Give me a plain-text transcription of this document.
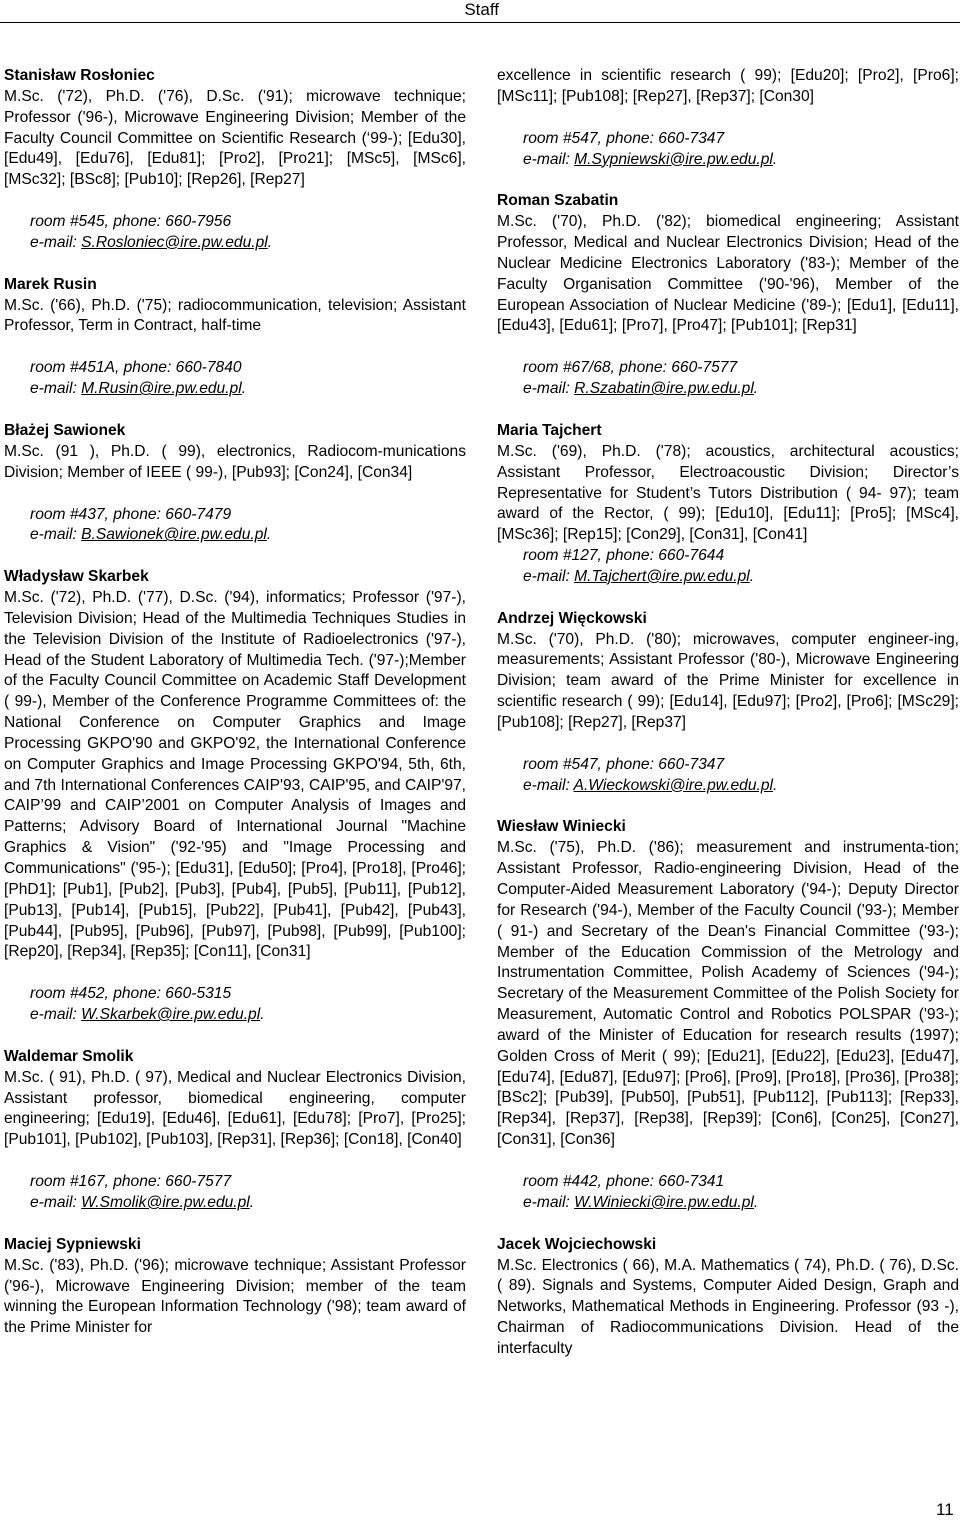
Staff
Stanisław Rosłoniec
M.Sc. ('72), Ph.D. ('76), D.Sc. ('91); microwave technique; Professor ('96-), Microwave Engineering Division; Member of the Faculty Council Committee on Scientific Research (‘99-); [Edu30], [Edu49], [Edu76], [Edu81]; [Pro2], [Pro21]; [MSc5], [MSc6], [MSc32]; [BSc8]; [Pub10]; [Rep26], [Rep27]
room #545, phone: 660-7956
e-mail: S.Rosloniec@ire.pw.edu.pl.
Marek Rusin
M.Sc. ('66), Ph.D. ('75); radiocommunication, television; Assistant Professor, Term in Contract, half-time
room #451A, phone: 660-7840
e-mail: M.Rusin@ire.pw.edu.pl.
Błażej Sawionek
M.Sc. (91 ), Ph.D. ( 99), electronics, Radiocom-munications Division; Member of IEEE ( 99-), [Pub93]; [Con24], [Con34]
room #437, phone: 660-7479
e-mail: B.Sawionek@ire.pw.edu.pl.
Władysław Skarbek
M.Sc. ('72), Ph.D. ('77), D.Sc. ('94), informatics; Professor ('97-), Television Division; Head of the Multimedia Techniques Studies in the Television Division of the Institute of Radioelectronics ('97-), Head of the Student Laboratory of Multimedia Tech. ('97-);Member of the Faculty Council Committee on Academic Staff Development ( 99-), Member of the Conference Programme Committees of: the National Conference on Computer Graphics and Image Processing GKPO'90 and GKPO'92, the International Conference on Computer Graphics and Image Processing GKPO'94, 5th, 6th, and 7th International Conferences CAIP'93, CAIP'95, and CAIP'97, CAIP’99 and CAIP’2001 on Computer Analysis of Images and Patterns; Advisory Board of International Journal "Machine Graphics & Vision" ('92-'95) and "Image Processing and Communications" ('95-); [Edu31], [Edu50]; [Pro4], [Pro18], [Pro46]; [PhD1]; [Pub1], [Pub2], [Pub3], [Pub4], [Pub5], [Pub11], [Pub12], [Pub13], [Pub14], [Pub15], [Pub22], [Pub41], [Pub42], [Pub43], [Pub44], [Pub95], [Pub96], [Pub97], [Pub98], [Pub99], [Pub100]; [Rep20], [Rep34], [Rep35]; [Con11], [Con31]
room #452, phone: 660-5315
e-mail: W.Skarbek@ire.pw.edu.pl.
Waldemar Smolik
M.Sc. ( 91), Ph.D. ( 97), Medical and Nuclear Electronics Division, Assistant professor, biomedical engineering, computer engineering; [Edu19], [Edu46], [Edu61], [Edu78]; [Pro7], [Pro25]; [Pub101], [Pub102], [Pub103], [Rep31], [Rep36]; [Con18], [Con40]
room #167, phone: 660-7577
e-mail: W.Smolik@ire.pw.edu.pl.
Maciej Sypniewski
M.Sc. ('83), Ph.D. ('96); microwave technique; Assistant Professor ('96-), Microwave Engineering Division; member of the team winning the European Information Technology ('98); team award of the Prime Minister for
excellence in scientific research ( 99); [Edu20]; [Pro2], [Pro6]; [MSc11]; [Pub108]; [Rep27], [Rep37]; [Con30]
room #547, phone: 660-7347
e-mail: M.Sypniewski@ire.pw.edu.pl.
Roman Szabatin
M.Sc. ('70), Ph.D. ('82); biomedical engineering; Assistant Professor, Medical and Nuclear Electronics Division; Head of the Nuclear Medicine Electronics Laboratory ('83-); Member of the Faculty Organisation Committee ('90-'96), Member of the European Association of Nuclear Medicine ('89-); [Edu1], [Edu11], [Edu43], [Edu61]; [Pro7], [Pro47]; [Pub101]; [Rep31]
room #67/68, phone: 660-7577
e-mail: R.Szabatin@ire.pw.edu.pl.
Maria Tajchert
M.Sc. ('69), Ph.D. ('78); acoustics, architectural acoustics; Assistant Professor, Electroacoustic Division; Director’s Representative for Student’s Tutors Distribution ( 94- 97); team award of the Rector, ( 99); [Edu10], [Edu11]; [Pro5]; [MSc4], [MSc36]; [Rep15]; [Con29], [Con31], [Con41]
room #127, phone: 660-7644
e-mail: M.Tajchert@ire.pw.edu.pl.
Andrzej Więckowski
M.Sc. ('70), Ph.D. ('80); microwaves, computer engineer-ing, measurements; Assistant Professor ('80-), Microwave Engineering Division; team award of the Prime Minister for excellence in scientific research ( 99); [Edu14], [Edu97]; [Pro2], [Pro6]; [MSc29]; [Pub108]; [Rep27], [Rep37]
room #547, phone: 660-7347
e-mail: A.Wieckowski@ire.pw.edu.pl.
Wiesław Winiecki
M.Sc. ('75), Ph.D. ('86); measurement and instrumenta-tion; Assistant Professor, Radio-engineering Division, Head of the Computer-Aided Measurement Laboratory ('94-); Deputy Director for Research ('94-), Member of the Faculty Council ('93-); Member ( 91-) and Secretary of the Dean's Financial Committee ('93-); Member of the Education Commission of the Metrology and Instrumentation Committee, Polish Academy of Sciences ('94-); Secretary of the Measurement Committee of the Polish Society for Measurement, Automatic Control and Robotics POLSPAR ('93-); award of the Minister of Education for research results (1997); Golden Cross of Merit ( 99); [Edu21], [Edu22], [Edu23], [Edu47], [Edu74], [Edu87], [Edu97]; [Pro6], [Pro9], [Pro18], [Pro36], [Pro38]; [BSc2]; [Pub39], [Pub50], [Pub51], [Pub112], [Pub113]; [Rep33], [Rep34], [Rep37], [Rep38], [Rep39]; [Con6], [Con25], [Con27], [Con31], [Con36]
room #442, phone: 660-7341
e-mail: W.Winiecki@ire.pw.edu.pl.
Jacek Wojciechowski
M.Sc. Electronics ( 66), M.A. Mathematics ( 74), Ph.D. ( 76), D.Sc. ( 89). Signals and Systems, Computer Aided Design, Graph and Networks, Mathematical Methods in Engineering. Professor (93 -), Chairman of Radiocommunications Division. Head of the interfaculty
11
